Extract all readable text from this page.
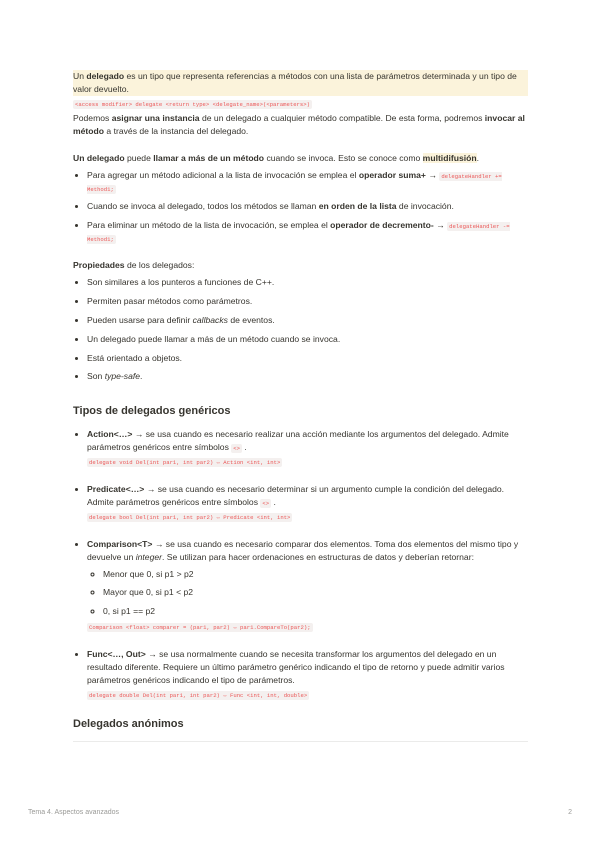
Un delegado es un tipo que representa referencias a métodos con una lista de parámetros determinada y un tipo de valor devuelto.

<access modifier> delegate <return type> <delegate_name>(<parameters>)

Podemos asignar una instancia de un delegado a cualquier método compatible. De esta forma, podremos invocar al método a través de la instancia del delegado.

Un delegado puede llamar a más de un método cuando se invoca. Esto se conoce como multidifusión.

• Para agregar un método adicional a la lista de invocación se emplea el operador suma+ → delegateHandler += Method1;
• Cuando se invoca al delegado, todos los métodos se llaman en orden de la lista de invocación.
• Para eliminar un método de la lista de invocación, se emplea el operador de decremento- → delegateHandler -= Method1;

Propiedades de los delegados:

• Son similares a los punteros a funciones de C++.
• Permiten pasar métodos como parámetros.
• Pueden usarse para definir callbacks de eventos.
• Un delegado puede llamar a más de un método cuando se invoca.
• Está orientado a objetos.
• Son type-safe.
Tipos de delegados genéricos
• Action<…> → se usa cuando es necesario realizar una acción mediante los argumentos del delegado. Admite parámetros genéricos entre símbolos <> .
delegate void Del(int par1, int par2) ⇔ Action <int, int>
• Predicate<…> → se usa cuando es necesario determinar si un argumento cumple la condición del delegado. Admite parámetros genéricos entre símbolos <> .
delegate bool Del(int par1, int par2) ⇔ Predicate <int, int>
• Comparison<T> → se usa cuando es necesario comparar dos elementos. Toma dos elementos del mismo tipo y devuelve un integer. Se utilizan para hacer ordenaciones en estructuras de datos y deberían retornar:
◦ Menor que 0, si p1 > p2
◦ Mayor que 0, si p1 < p2
◦ 0, si p1 == p2
Comparison <float> comparer = (par1, par2) ⇔ par1.CompareTo(par2);
• Func<…, Out> → se usa normalmente cuando se necesita transformar los argumentos del delegado en un resultado diferente. Requiere un último parámetro genérico indicando el tipo de retorno y puede admitir varios parámetros genéricos indicando el tipo de parámetros.
delegate double Del(int par1, int par2) ⇔ Func <int, int, double>
Delegados anónimos
Tema 4. Aspectos avanzados	2
